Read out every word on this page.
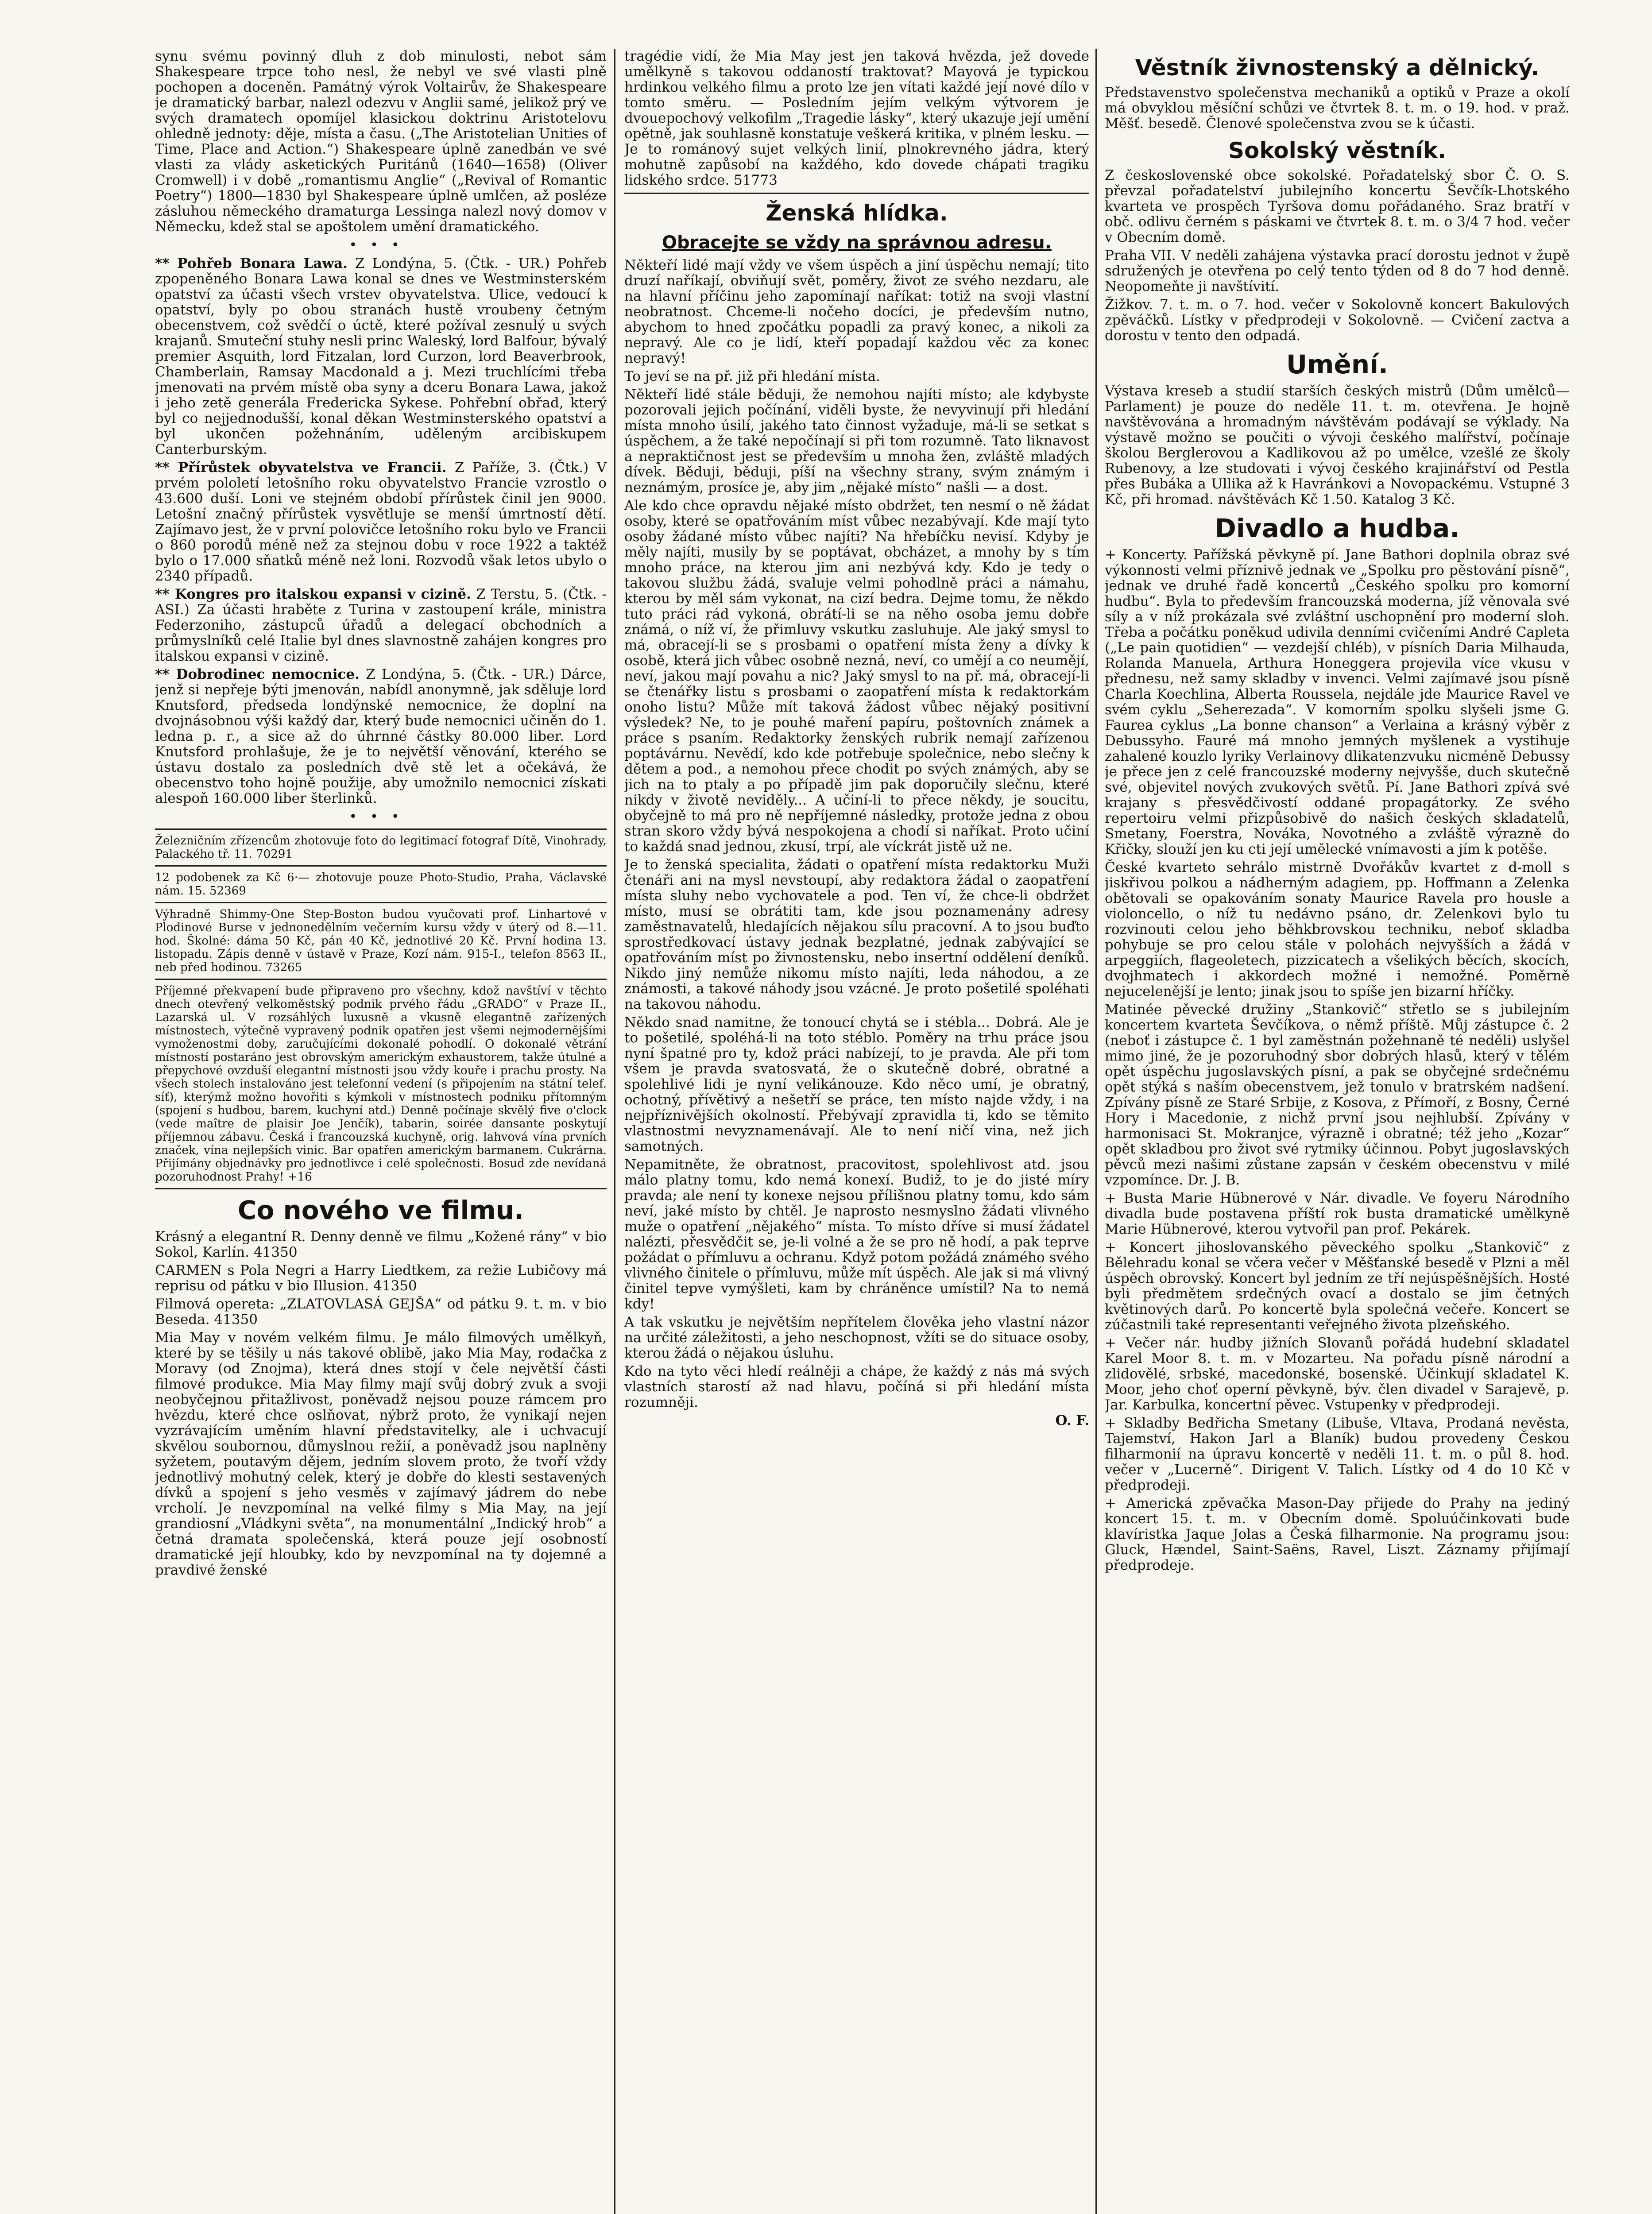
synu svému povinný dluh z dob minulosti, nebot sám Shakespeare trpce toho nesl, že nebyl ve své vlasti plně pochopen a doceněn. Památný výrok Voltairův, že Shakespeare je dramatický barbar, nalezl odezvu v Anglii samé, jelikož prý ve svých dramatech opomíjel klasickou doktrinu Aristotelovu ohledně jednoty: děje, místa a času. („The Aristotelian Unities of Time, Place and Action.“) Shakespeare úplně zanedbán ve své vlasti za vlády asketických Puritánů (1640—1658) (Oliver Cromwell) i v době „romantismu Anglie“ („Revival of Romantic Poetry“) 1800—1830 byl Shakespeare úplně umlčen, až posléze zásluhou německého dramaturga Lessinga nalezl nový domov v Německu, kdež stal se apoštolem umění dramatického.

•••

** Pohřeb Bonara Lawa. Z Londýna, 5. (Čtk. - UR.) Pohřeb zpopeněného Bonara Lawa konal se dnes ve Westminsterském opatství za účasti všech vrstev obyvatelstva. Ulice, vedoucí k opatství, byly po obou stranách hustě vroubeny četným obecenstvem, což svědčí o úctě, které požíval zesnulý u svých krajanů. Smuteční stuhy nesli princ Waleský, lord Balfour, bývalý premier Asquith, lord Fitzalan, lord Curzon, lord Beaverbrook, Chamberlain, Ramsay Macdonald a j. Mezi truchlícími třeba jmenovati na prvém místě oba syny a dceru Bonara Lawa, jakož i jeho zetě generála Fredericka Sykese. Pohřební obřad, který byl co nejjednodušší, konal děkan Westminsterského opatství a byl ukončen požehnáním, uděleným arcibiskupem Canterburským.

** Přírůstek obyvatelstva ve Francii. Z Paříže, 3. (Čtk.) V prvém pololetí letošního roku obyvatelstvo Francie vzrostlo o 43.600 duší. Loni ve stejném období přírůstek činil jen 9000. Letošní značný přírůstek vysvětluje se menší úmrtností dětí. Zajímavo jest, že v první polovičce letošního roku bylo ve Francii o 860 porodů méně než za stejnou dobu v roce 1922 a taktéž bylo o 17.000 sňatků méně než loni. Rozvodů však letos ubylo o 2340 případů.

** Kongres pro italskou expansi v cizině. Z Terstu, 5. (Čtk. - ASI.) Za účasti hraběte z Turina v zastoupení krále, ministra Federzoniho, zástupců úřadů a delegací obchodních a průmyslníků celé Italie byl dnes slavnostně zahájen kongres pro italskou expansi v cizině.

** Dobrodinec nemocnice. Z Londýna, 5. (Čtk. - UR.) Dárce, jenž si nepřeje býti jmenován, nabídl anonymně, jak sděluje lord Knutsford, předseda londýnské nemocnice, že doplní na dvojnásobnou výši každý dar, který bude nemocnici učiněn do 1. ledna p. r., a sice až do úhrnné částky 80.000 liber. Lord Knutsford prohlašuje, že je to největší věnování, kterého se ústavu dostalo za posledních dvě stě let a očekává, že obecenstvo toho hojně použije, aby umožnilo nemocnici získati alespoň 160.000 liber šterlinků.

•••

Železničním zřízencům zhotovuje foto do legitimací fotograf Dítě, Vinohrady, Palackého tř. 11. 70291

12 podobenek za Kč 6·— zhotovuje pouze Photo-Studio, Praha, Václavské nám. 15. 52369

Výhradně Shimmy-One Step-Boston budou vyučovati prof. Linhartové v Plodinové Burse v jednonedělním večerním kursu vždy v úterý od 8.—11. hod. Školné: dáma 50 Kč, pán 40 Kč, jednotlivé 20 Kč. První hodina 13. listopadu. Zápis denně v ústavě v Praze, Kozí nám. 915-I., telefon 8563 II., neb před hodinou. 73265

Příjemné překvapení bude připraveno pro všechny, kdož navštíví v těchto dnech otevřený velkoměstský podnik prvého řádu „GRADO“ v Praze II., Lazarská ul. V rozsáhlých luxusně a vkusně elegantně zařízených místnostech, výtečně vypravený podnik opatřen jest všemi nejmodernějšími vymoženostmi doby, zaručujícími dokonalé pohodlí. O dokonalé větrání místností postaráno jest obrovským americkým exhaustorem, takže útulné a přepychové ovzduší elegantní místnosti jsou vždy kouře i prachu prosty. Na všech stolech instalováno jest telefonní vedení (s připojením na státní telef. síť), kterýmž možno hovořiti s kýmkoli v místnostech podniku přítomným (spojení s hudbou, barem, kuchyní atd.) Denně počínaje skvělý five o'clock (vede maître de plaisir Joe Jenčík), tabarin, soirée dansante poskytují příjemnou zábavu. Česká i francouzská kuchyně, orig. lahvová vína prvních značek, vína nejlepších vinic. Bar opatřen americkým barmanem. Cukrárna. Přijímány objednávky pro jednotlivce i celé společnosti. Bosud zde nevídaná pozoruhodnost Prahy! +16

Co nového ve filmu.

Krásný a elegantní R. Denny denně ve filmu „Kožené rány“ v bio Sokol, Karlín. 41350

CARMEN s Pola Negri a Harry Liedtkem, za režie Lubičovy má reprisu od pátku v bio Illusion. 41350

Filmová opereta: „ZLATOVLASÁ GEJŠA“ od pátku 9. t. m. v bio Beseda. 41350

Mia May v novém velkém filmu. Je málo filmových umělkyň, které by se těšily u nás takové oblibě, jako Mia May, rodačka z Moravy (od Znojma), která dnes stojí v čele největší části filmové produkce. Mia May filmy mají svůj dobrý zvuk a svoji neobyčejnou přitažlivost, poněvadž nejsou pouze rámcem pro hvězdu, které chce oslňovat, nýbrž proto, že vynikají nejen vyzrávajícím uměním hlavní představitelky, ale i uchvacují skvělou soubornou, důmyslnou režií, a poněvadž jsou naplněny syžetem, poutavým dějem, jedním slovem proto, že tvoří vždy jednotlivý mohutný celek, který je dobře do klesti sestavených dívků a spojení s jeho vesměs v zajímavý jádrem do nebe vrcholí. Je nevzpomínal na velké filmy s Mia May, na její grandiosní „Vládkyni světa“, na monumentální „Indický hrob“ a četná dramata společenská, která pouze její osobností dramatické její hloubky, kdo by nevzpomínal na ty dojemné a pravdivé ženské

tragédie vidí, že Mia May jest jen taková hvězda, jež dovede umělkyně s takovou oddaností traktovat? Mayová je typickou hrdinkou velkého filmu a proto lze jen vítati každé její nové dílo v tomto směru. — Posledním jejím velkým výtvorem je dvouepochový velkofilm „Tragedie lásky“, který ukazuje její umění opětně, jak souhlasně konstatuje veškerá kritika, v plném lesku. — Je to románový sujet velkých linií, plnokrevného jádra, který mohutně zapůsobí na každého, kdo dovede chápati tragiku lidského srdce. 51773

Ženská hlídka.
Obracejte se vždy na správnou adresu.

Někteří lidé mají vždy ve všem úspěch a jiní úspěchu nemají; tito druzí naříkají, obviňují svět, poměry, život ze svého nezdaru, ale na hlavní příčinu jeho zapomínají naříkat: totiž na svoji vlastní neobratnost. Chceme-li nočeho docíci, je především nutno, abychom to hned zpočátku popadli za pravý konec, a nikoli za nepravý. Ale co je lidí, kteří popadají každou věc za konec nepravý!

To jeví se na př. již při hledání místa.

Někteří lidé stále běduji, že nemohou najíti místo; ale kdybyste pozorovali jejich počínání, viděli byste, že nevyvinují při hledání místa mnoho úsilí, jakého tato činnost vyžaduje, má-li se setkat s úspěchem, a že také nepočínají si při tom rozumně. Tato liknavost a nepraktičnost jest se především u mnoha žen, zvláště mladých dívek. Běduji, běduji, píší na všechny strany, svým známým i neznámým, prosíce je, aby jim „nějaké místo“ našli — a dost.

Ale kdo chce opravdu nějaké místo obdržet, ten nesmí o ně žádat osoby, které se opatřováním míst vůbec nezabývají. Kde mají tyto osoby žádané místo vůbec najíti? Na hřebíčku nevisí. Kdyby je měly najíti, musily by se poptávat, obcházet, a mnohy by s tím mnoho práce, na kterou jim ani nezbývá kdy. Kdo je tedy o takovou službu žádá, svaluje velmi pohodlně práci a námahu, kterou by měl sám vykonat, na cizí bedra. Dejme tomu, že někdo tuto práci rád vykoná, obrátí-li se na něho osoba jemu dobře známá, o níž ví, že přimluvy vskutku zasluhuje. Ale jaký smysl to má, obracejí-li se s prosbami o opatření místa ženy a dívky k osobě, která jich vůbec osobně nezná, neví, co umějí a co neumějí, neví, jakou mají povahu a nic? Jaký smysl to na př. má, obracejí-li se čtenářky listu s prosbami o zaopatření místa k redaktorkám onoho listu? Může mít taková žádost vůbec nějaký positivní výsledek? Ne, to je pouhé maření papíru, poštovních známek a práce s psaním. Redaktorky ženských rubrik nemají zařízenou poptávárnu. Nevědí, kdo kde potřebuje společnice, nebo slečny k dětem a pod., a nemohou přece chodit po svých známých, aby se jich na to ptaly a po případě jim pak doporučily slečnu, které nikdy v životě neviděly... A učiní-li to přece někdy, je soucitu, obyčejně to má pro ně nepříjemné následky, protože jedna z obou stran skoro vždy bývá nespokojena a chodí si naříkat. Proto učiní to každá snad jednou, zkusí, trpí, ale víckrát jistě už ne.

Je to ženská specialita, žádati o opatření místa redaktorku Muži čtenáři ani na mysl nevstoupí, aby redaktora žádal o zaopatření místa sluhy nebo vychovatele a pod. Ten ví, že chce-li obdržet místo, musí se obrátiti tam, kde jsou poznamenány adresy zaměstnavatelů, hledajících nějakou sílu pracovní. A to jsou buďto sprostředkovací ústavy jednak bezplatné, jednak zabývající se opatřováním míst po živnostensku, nebo insertní oddělení deníků. Nikdo jiný nemůže nikomu místo najíti, leda náhodou, a ze známosti, a takové náhody jsou vzácné. Je proto pošetilé spoléhati na takovou náhodu.

Někdo snad namitne, že tonoucí chytá se i stébla... Dobrá. Ale je to pošetilé, spoléhá-li na toto stéblo. Poměry na trhu práce jsou nyní špatné pro ty, kdož práci nabízejí, to je pravda. Ale při tom všem je pravda svatosvatá, že o skutečně dobré, obratné a spolehlivé lidi je nyní velikánouze. Kdo něco umí, je obratný, ochotný, přívětivý a nešetří se práce, ten místo najde vždy, i na nejpříznivějších okolností. Přebývají zpravidla ti, kdo se těmito vlastnostmi nevyznamenávají. Ale to není ničí vina, než jich samotných.

Nepamitněte, že obratnost, pracovitost, spolehlivost atd. jsou málo platny tomu, kdo nemá konexí. Budiž, to je do jisté míry pravda; ale není ty konexe nejsou přílišnou platny tomu, kdo sám neví, jaké místo by chtěl. Je naprosto nesmyslno žádati vlivného muže o opatření „nějakého“ místa. To místo dříve si musí žádatel nalézti, přesvědčit se, je-li volné a že se pro ně hodí, a pak teprve požádat o přímluvu a ochranu. Když potom požádá známého svého vlivného činitele o přímluvu, může mít úspěch. Ale jak si má vlivný činitel tepve vymýšleti, kam by chráněnce umístil? Na to nemá kdy!

A tak vskutku je největším nepřítelem člověka jeho vlastní názor na určité záležitosti, a jeho neschopnost, vžíti se do situace osoby, kterou žádá o nějakou úsluhu.

Kdo na tyto věci hledí reálněji a chápe, že každý z nás má svých vlastních starostí až nad hlavu, počíná si při hledání místa rozumněji.

O. F.

Věstník živnostenský a dělnický.

Představenstvo společenstva mechaniků a optiků v Praze a okolí má obvyklou měsíční schůzi ve čtvrtek 8. t. m. o 19. hod. v praž. Měšť. besedě. Členové společenstva zvou se k účasti.

Sokolský věstník.

Z československé obce sokolské. Pořadatelský sbor Č. O. S. převzal pořadatelství jubilejního koncertu Ševčík-Lhotského kvarteta ve prospěch Tyršova domu pořádaného. Sraz bratří v obč. odlivu černém s páskami ve čtvrtek 8. t. m. o 3/4 7 hod. večer v Obecním domě.

Praha VII. V neděli zahájena výstavka prací dorostu jednot v župě sdružených je otevřena po celý tento týden od 8 do 7 hod denně. Neopomeňte ji navštívití.

Žižkov. 7. t. m. o 7. hod. večer v Sokolovně koncert Bakulových zpěváčků. Lístky v předprodeji v Sokolovně. — Cvičení zactva a dorostu v tento den odpadá.

Umění.

Výstava kreseb a studií starších českých mistrů (Dům umělců—Parlament) je pouze do neděle 11. t. m. otevřena. Je hojně navštěvována a hromadným návštěvám podávají se výklady. Na výstavě možno se poučiti o vývoji českého malířství, počínaje školou Berglerovou a Kadlikovou až po umělce, vzešlé ze školy Rubenovy, a lze studovati i vývoj českého krajinářství od Pestla přes Bubáka a Ullika až k Havránkovi a Novopackému. Vstupné 3 Kč, při hromad. návštěvách Kč 1.50. Katalog 3 Kč.

Divadlo a hudba.

+ Koncerty. Pařížská pěvkyně pí. Jane Bathori doplnila obraz své výkonnosti velmi příznivě jednak ve „Spolku pro pěstování písně“, jednak ve druhé řadě koncertů „Českého spolku pro komorní hudbu“. Byla to především francouzská moderna, jíž věnovala své síly a v níž prokázala své zvláštní uschopnění pro moderní sloh. Třeba a počátku poněkud udivila denními cvičeními André Capleta („Le pain quotidien“ — vezdejší chléb), v písních Daria Milhauda, Rolanda Manuela, Arthura Honeggera projevila více vkusu v přednesu, než samy skladby v invenci. Velmi zajímavé jsou písně Charla Koechlina, Alberta Roussela, nejdále jde Maurice Ravel ve svém cyklu „Seherezada“. V komorním spolku slyšeli jsme G. Faurea cyklus „La bonne chanson“ a Verlaina a krásný výběr z Debussyho. Fauré má mnoho jemných myšlenek a vystihuje zahalené kouzlo lyriky Verlainovy dlikatenzvuku nicméně Debussy je přece jen z celé francouzské moderny nejvyšše, duch skutečně své, objevitel nových zvukových světů. Pí. Jane Bathori zpívá své krajany s přesvědčivostí oddané propagátorky. Ze svého repertoiru velmi přizpůsobivě do našich českých skladatelů, Smetany, Foerstra, Nováka, Novotného a zvláště výrazně do Křičky, slouží jen ku cti její umělecké vnímavosti a jím k potěše.

České kvarteto sehrálo mistrně Dvořákův kvartet z d-moll s jiskřivou polkou a nádherným adagiem, pp. Hoffmann a Zelenka obětovali se opakováním sonaty Maurice Ravela pro housle a violoncello, o níž tu nedávno psáno, dr. Zelenkovi bylo tu rozvinouti celou jeho běhkbrovskou techniku, neboť skladba pohybuje se pro celou stále v polohách nejvyšších a žádá v arpeggiích, flageoletech, pizzicatech a všelikých běcích, skocích, dvojhmatech i akkordech možné i nemožné. Poměrně nejucelenější je lento; jinak jsou to spíše jen bizarní hříčky.

Matinée pěvecké družiny „Stankovič“ střetlo se s jubilejním koncertem kvarteta Ševčíkova, o němž příště. Můj zástupce č. 2 (neboť i zástupce č. 1 byl zaměstnán požehnaně té neděli) uslyšel mimo jiné, že je pozoruhodný sbor dobrých hlasů, který v tělém opět úspěchu jugoslavských písní, a pak se obyčejné srdečnému opět stýká s naším obecenstvem, jež tonulo v bratrském nadšení. Zpívány písně ze Staré Srbije, z Kosova, z Přímoří, z Bosny, Černé Hory i Macedonie, z nichž první jsou nejhlubší. Zpívány v harmonisaci St. Mokranjce, výrazně i obratné; též jeho „Kozar“ opět skladbou pro život své rytmiky účinnou. Pobyt jugoslavských pěvců mezi našimi zůstane zapsán v českém obecenstvu v milé vzpomínce. Dr. J. B.

+ Busta Marie Hübnerové v Nár. divadle. Ve foyeru Národního divadla bude postavena příští rok busta dramatické umělkyně Marie Hübnerové, kterou vytvořil pan prof. Pekárek.

+ Koncert jihoslovanského pěveckého spolku „Stankovič“ z Bělehradu konal se včera večer v Měšťanské besedě v Plzni a měl úspěch obrovský. Koncert byl jedním ze tří nejúspěšnějších. Hosté byli předmětem srdečných ovací a dostalo se jim četných květinových darů. Po koncertě byla společná večeře. Koncert se zúčastnili také representanti veřejného života plzeňského.

+ Večer nár. hudby jižních Slovanů pořádá hudební skladatel Karel Moor 8. t. m. v Mozarteu. Na pořadu písně národní a zlidovělé, srbské, macedonské, bosenské. Účinkují skladatel K. Moor, jeho choť operní pěvkyně, býv. člen divadel v Sarajevě, p. Jar. Karbulka, koncertní pěvec. Vstupenky v předprodeji.

+ Skladby Bedřicha Smetany (Libuše, Vltava, Prodaná nevěsta, Tajemství, Hakon Jarl a Blaník) budou provedeny Českou filharmonií na úpravu koncertě v neděli 11. t. m. o půl 8. hod. večer v „Lucerně“. Dirigent V. Talich. Lístky od 4 do 10 Kč v předprodeji.

+ Americká zpěvačka Mason-Day přijede do Prahy na jediný koncert 15. t. m. v Obecním domě. Spoluúčinkovati bude klavíristka Jaque Jolas a Česká filharmonie. Na programu jsou: Gluck, Hændel, Saint-Saëns, Ravel, Liszt. Záznamy přijímají předprodeje.
